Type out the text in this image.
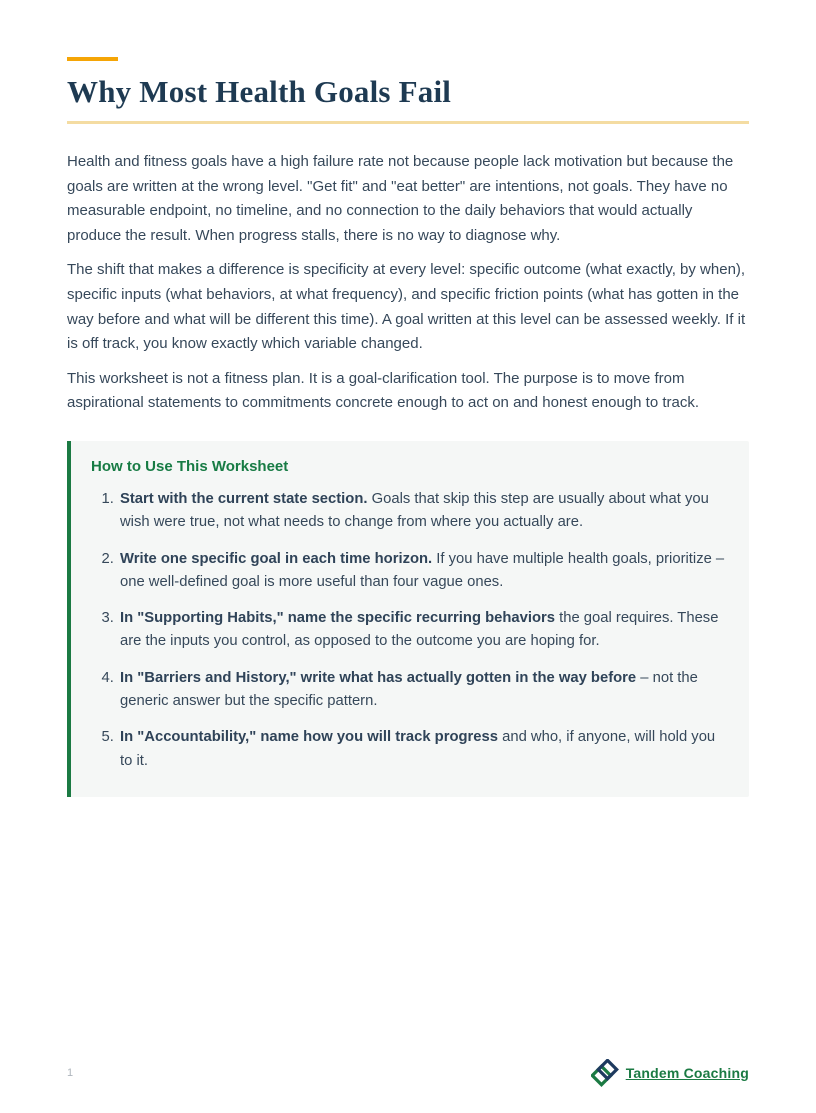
Why Most Health Goals Fail

Health and fitness goals have a high failure rate not because people lack motivation but because the goals are written at the wrong level. "Get fit" and "eat better" are intentions, not goals. They have no measurable endpoint, no timeline, and no connection to the daily behaviors that would actually produce the result. When progress stalls, there is no way to diagnose why.

The shift that makes a difference is specificity at every level: specific outcome (what exactly, by when), specific inputs (what behaviors, at what frequency), and specific friction points (what has gotten in the way before and what will be different this time). A goal written at this level can be assessed weekly. If it is off track, you know exactly which variable changed.

This worksheet is not a fitness plan. It is a goal-clarification tool. The purpose is to move from aspirational statements to commitments concrete enough to act on and honest enough to track.

How to Use This Worksheet
1. Start with the current state section. Goals that skip this step are usually about what you wish were true, not what needs to change from where you actually are.
2. Write one specific goal in each time horizon. If you have multiple health goals, prioritize – one well-defined goal is more useful than four vague ones.
3. In "Supporting Habits," name the specific recurring behaviors the goal requires. These are the inputs you control, as opposed to the outcome you are hoping for.
4. In "Barriers and History," write what has actually gotten in the way before – not the generic answer but the specific pattern.
5. In "Accountability," name how you will track progress and who, if anyone, will hold you to it.
1	Tandem Coaching
